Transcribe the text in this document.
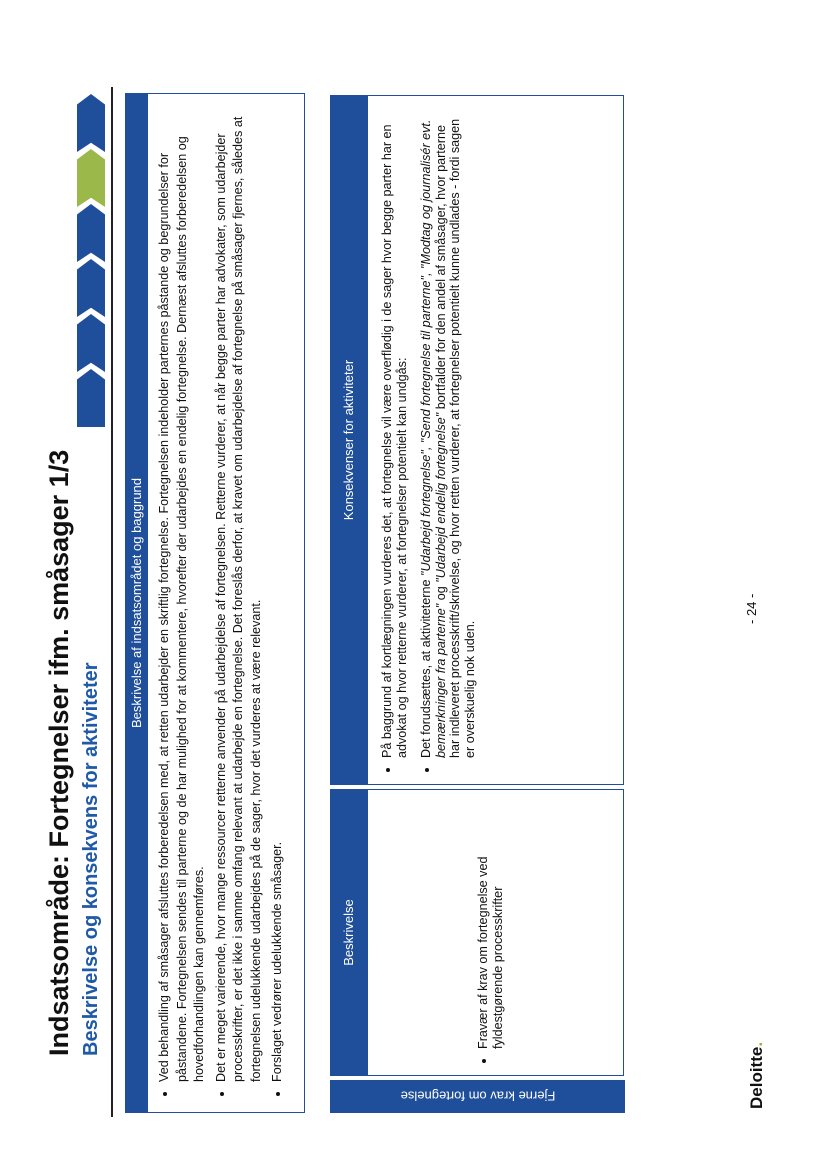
Indsatsområde: Fortegnelser ifm. småsager 1/3 Beskrivelse og konsekvens for aktiviteter
Beskrivelse af indsatsområdet og baggrund	• Ved behandling af småsager afsluttes forberedelsen med, at retten udarbejder en skriftlig fortegnelse. Fortegnelsen indeholder parternes påstande og begrundelser for påstandene. Fortegnelsen sendes til parterne og de har mulighed for at kommentere, hvorefter der udarbejdes en endelig fortegnelse. Dernæst afsluttes forberedelsen og hovedforhandlingen kan gennemføres. • Det er meget varierende, hvor mange ressourcer retterne anvender på udarbejdelse af fortegnelsen. Retterne vurderer, at når begge parter har advokater, som udarbejder processkrifter, er det ikke i samme omfang relevant at udarbejde en fortegnelse. Det foreslås derfor, at kravet om udarbejdelse af fortegnelse på småsager fjernes, således at fortegnelsen udelukkende udarbejdes på de sager, hvor det vurderes at være relevant. • Forslaget vedrører udelukkende småsager.
Fjerne krav om fortegnelse
Beskrivelse
Konsekvenser for aktiviteter
• Fravær af krav om fortegnelse ved fyldestgørende processkrifter
• På baggrund af kortlægningen vurderes det, at fortegnelse vil være overflødig i de sager hvor begge parter har en advokat og hvor retterne vurderer, at fortegnelser potentielt kan undgås: • Det forudsættes, at aktiviteterne "Udarbejd fortegnelse", "Send fortegnelse til parterne", "Modtag og journalisér evt. bemærkninger fra parterne" og "Udarbejd endelig fortegnelse" bortfalder for den andel af småsager, hvor parterne har indleveret processkrift/skrivelse, og hvor retten vurderer, at fortegnelser potentielt kunne undlades - fordi sagen er overskuelig nok uden.
Deloitte.
- 24 -
